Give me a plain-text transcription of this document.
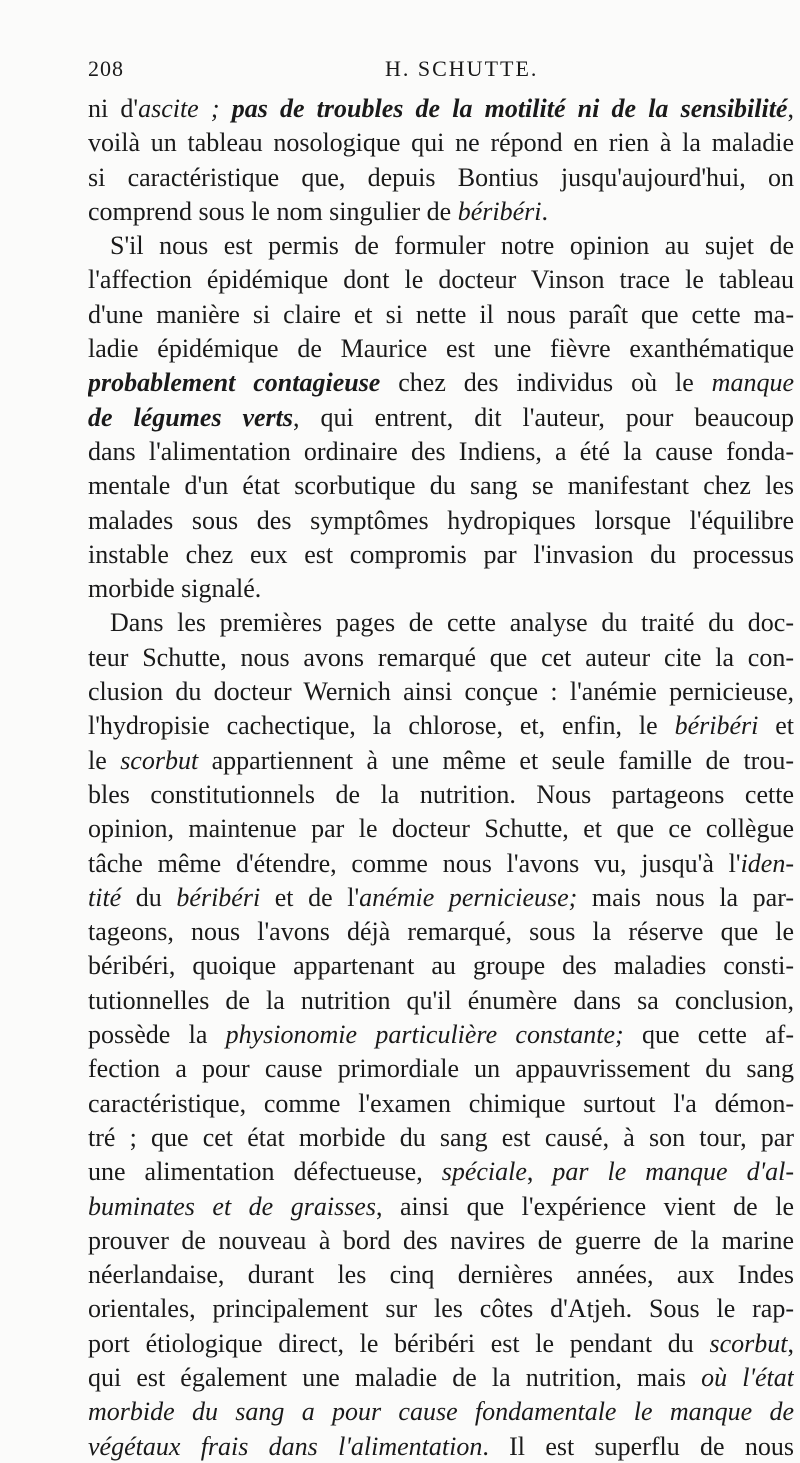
208	H. SCHUTTE.
ni d'ascite ; pas de troubles de la motilité ni de la sensibilité,
voilà un tableau nosologique qui ne répond en rien à la maladie
si caractéristique que, depuis Bontius jusqu'aujourd'hui, on
comprend sous le nom singulier de béribéri.
S'il nous est permis de formuler notre opinion au sujet de
l'affection épidémique dont le docteur Vinson trace le tableau
d'une manière si claire et si nette il nous paraît que cette ma-
ladie épidémique de Maurice est une fièvre exanthématique
probablement contagieuse chez des individus où le manque
de légumes verts, qui entrent, dit l'auteur, pour beaucoup
dans l'alimentation ordinaire des Indiens, a été la cause fonda-
mentale d'un état scorbutique du sang se manifestant chez les
malades sous des symptômes hydropiques lorsque l'équilibre
instable chez eux est compromis par l'invasion du processus
morbide signalé.
Dans les premières pages de cette analyse du traité du doc-
teur Schutte, nous avons remarqué que cet auteur cite la con-
clusion du docteur Wernich ainsi conçue : l'anémie pernicieuse,
l'hydropisie cachectique, la chlorose, et, enfin, le béribéri et
le scorbut appartiennent à une même et seule famille de trou-
bles constitutionnels de la nutrition. Nous partageons cette
opinion, maintenue par le docteur Schutte, et que ce collègue
tâche même d'étendre, comme nous l'avons vu, jusqu'à l'iden-
tité du béribéri et de l'anémie pernicieuse; mais nous la par-
tageons, nous l'avons déjà remarqué, sous la réserve que le
béribéri, quoique appartenant au groupe des maladies consti-
tutionnelles de la nutrition qu'il énumère dans sa conclusion,
possède la physionomie particulière constante; que cette af-
fection a pour cause primordiale un appauvrissement du sang
caractéristique, comme l'examen chimique surtout l'a démon-
tré ; que cet état morbide du sang est causé, à son tour, par
une alimentation défectueuse, spéciale, par le manque d'al-
buminates et de graisses, ainsi que l'expérience vient de le
prouver de nouveau à bord des navires de guerre de la marine
néerlandaise, durant les cinq dernières années, aux Indes
orientales, principalement sur les côtes d'Atjeh. Sous le rap-
port étiologique direct, le béribéri est le pendant du scorbut,
qui est également une maladie de la nutrition, mais où l'état
morbide du sang a pour cause fondamentale le manque de
végétaux frais dans l'alimentation. Il est superflu de nous
